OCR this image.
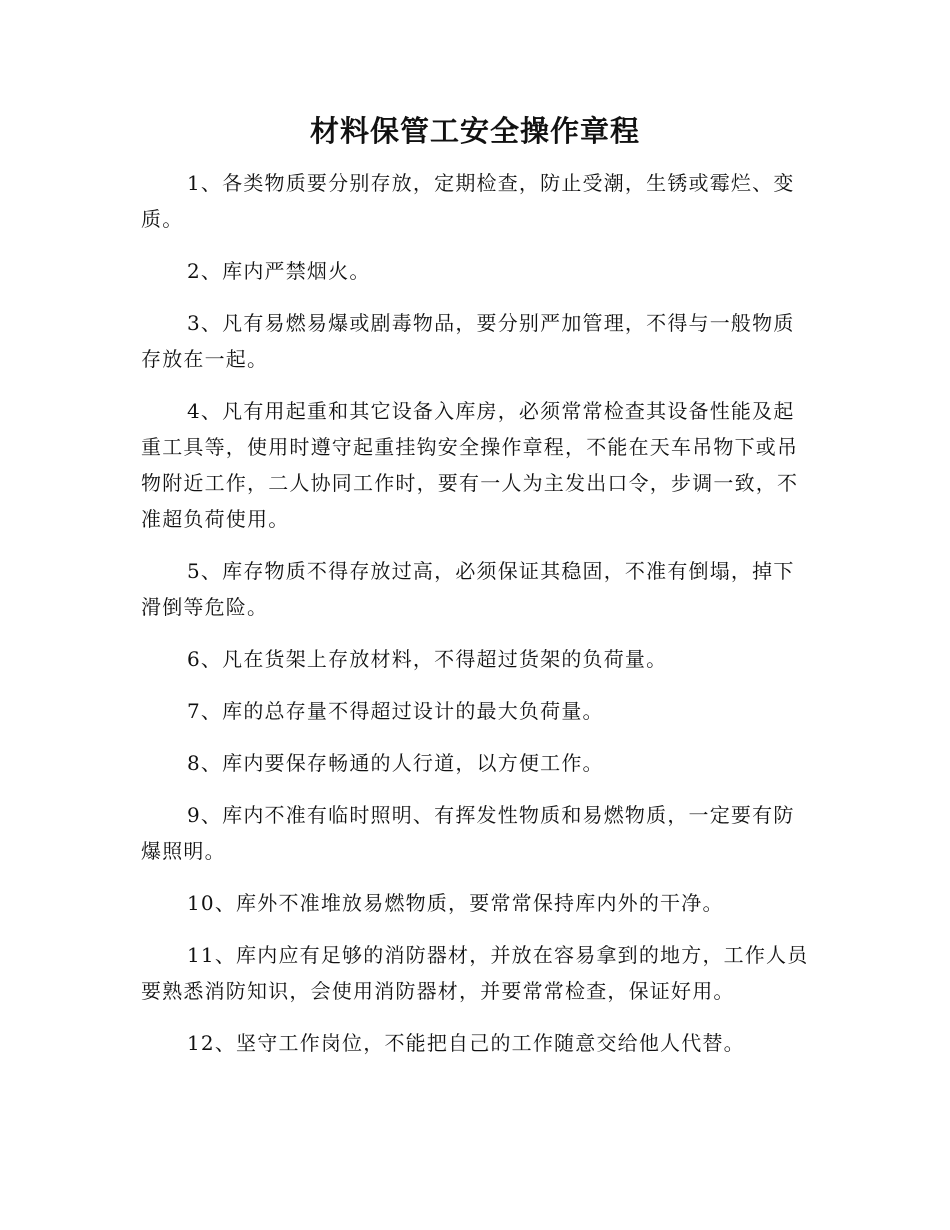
材料保管工安全操作章程

1、各类物质要分别存放，定期检查，防止受潮，生锈或霉烂、变质。

2、库内严禁烟火。

3、凡有易燃易爆或剧毒物品，要分别严加管理，不得与一般物质存放在一起。

4、凡有用起重和其它设备入库房，必须常常检查其设备性能及起重工具等，使用时遵守起重挂钩安全操作章程，不能在天车吊物下或吊物附近工作，二人协同工作时，要有一人为主发出口令，步调一致，不准超负荷使用。

5、库存物质不得存放过高，必须保证其稳固，不准有倒塌，掉下滑倒等危险。

6、凡在货架上存放材料，不得超过货架的负荷量。

7、库的总存量不得超过设计的最大负荷量。

8、库内要保存畅通的人行道，以方便工作。

9、库内不准有临时照明、有挥发性物质和易燃物质，一定要有防爆照明。

10、库外不准堆放易燃物质，要常常保持库内外的干净。

11、库内应有足够的消防器材，并放在容易拿到的地方，工作人员要熟悉消防知识，会使用消防器材，并要常常检查，保证好用。

12、坚守工作岗位，不能把自己的工作随意交给他人代替。
